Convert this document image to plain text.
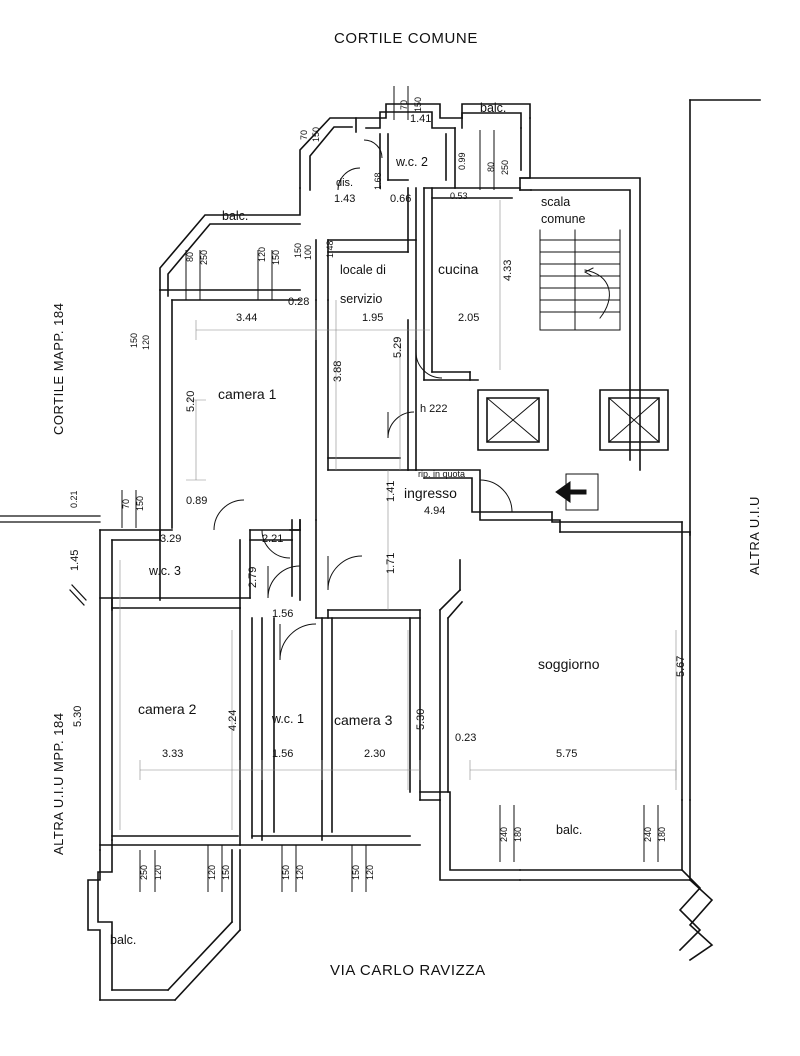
CORTILE COMUNE
VIA CARLO RAVIZZA
CORTILE MAPP. 184
ALTRA U.I.U MPP. 184
ALTRA U.I.U
camera 1
camera 2
camera 3
soggiorno
cucina
ingresso
locale di
servizio
w.c. 1
w.c. 2
w.c. 3
dis.
scala
comune
balc.
balc.
balc.
balc.
h 222
rip. in quota
70 150
1.41
150
70
80 250
0.99
0.53
1.68
1.43	0.66
80 250	120 150 150 100 1.48
150 120
3.44
0.28
5.20
0.89
70 150
0.21
1.95
3.88
5.29
2.05
4.33
1.41
4.94
1.71
3.29	2.21
2.79
1.56
3.33
4.24
1.56	2.30
5.30
5.30
0.23
5.75
5.67
1.45
250 120	120 150	150 120	150 120
240 180	240 180
